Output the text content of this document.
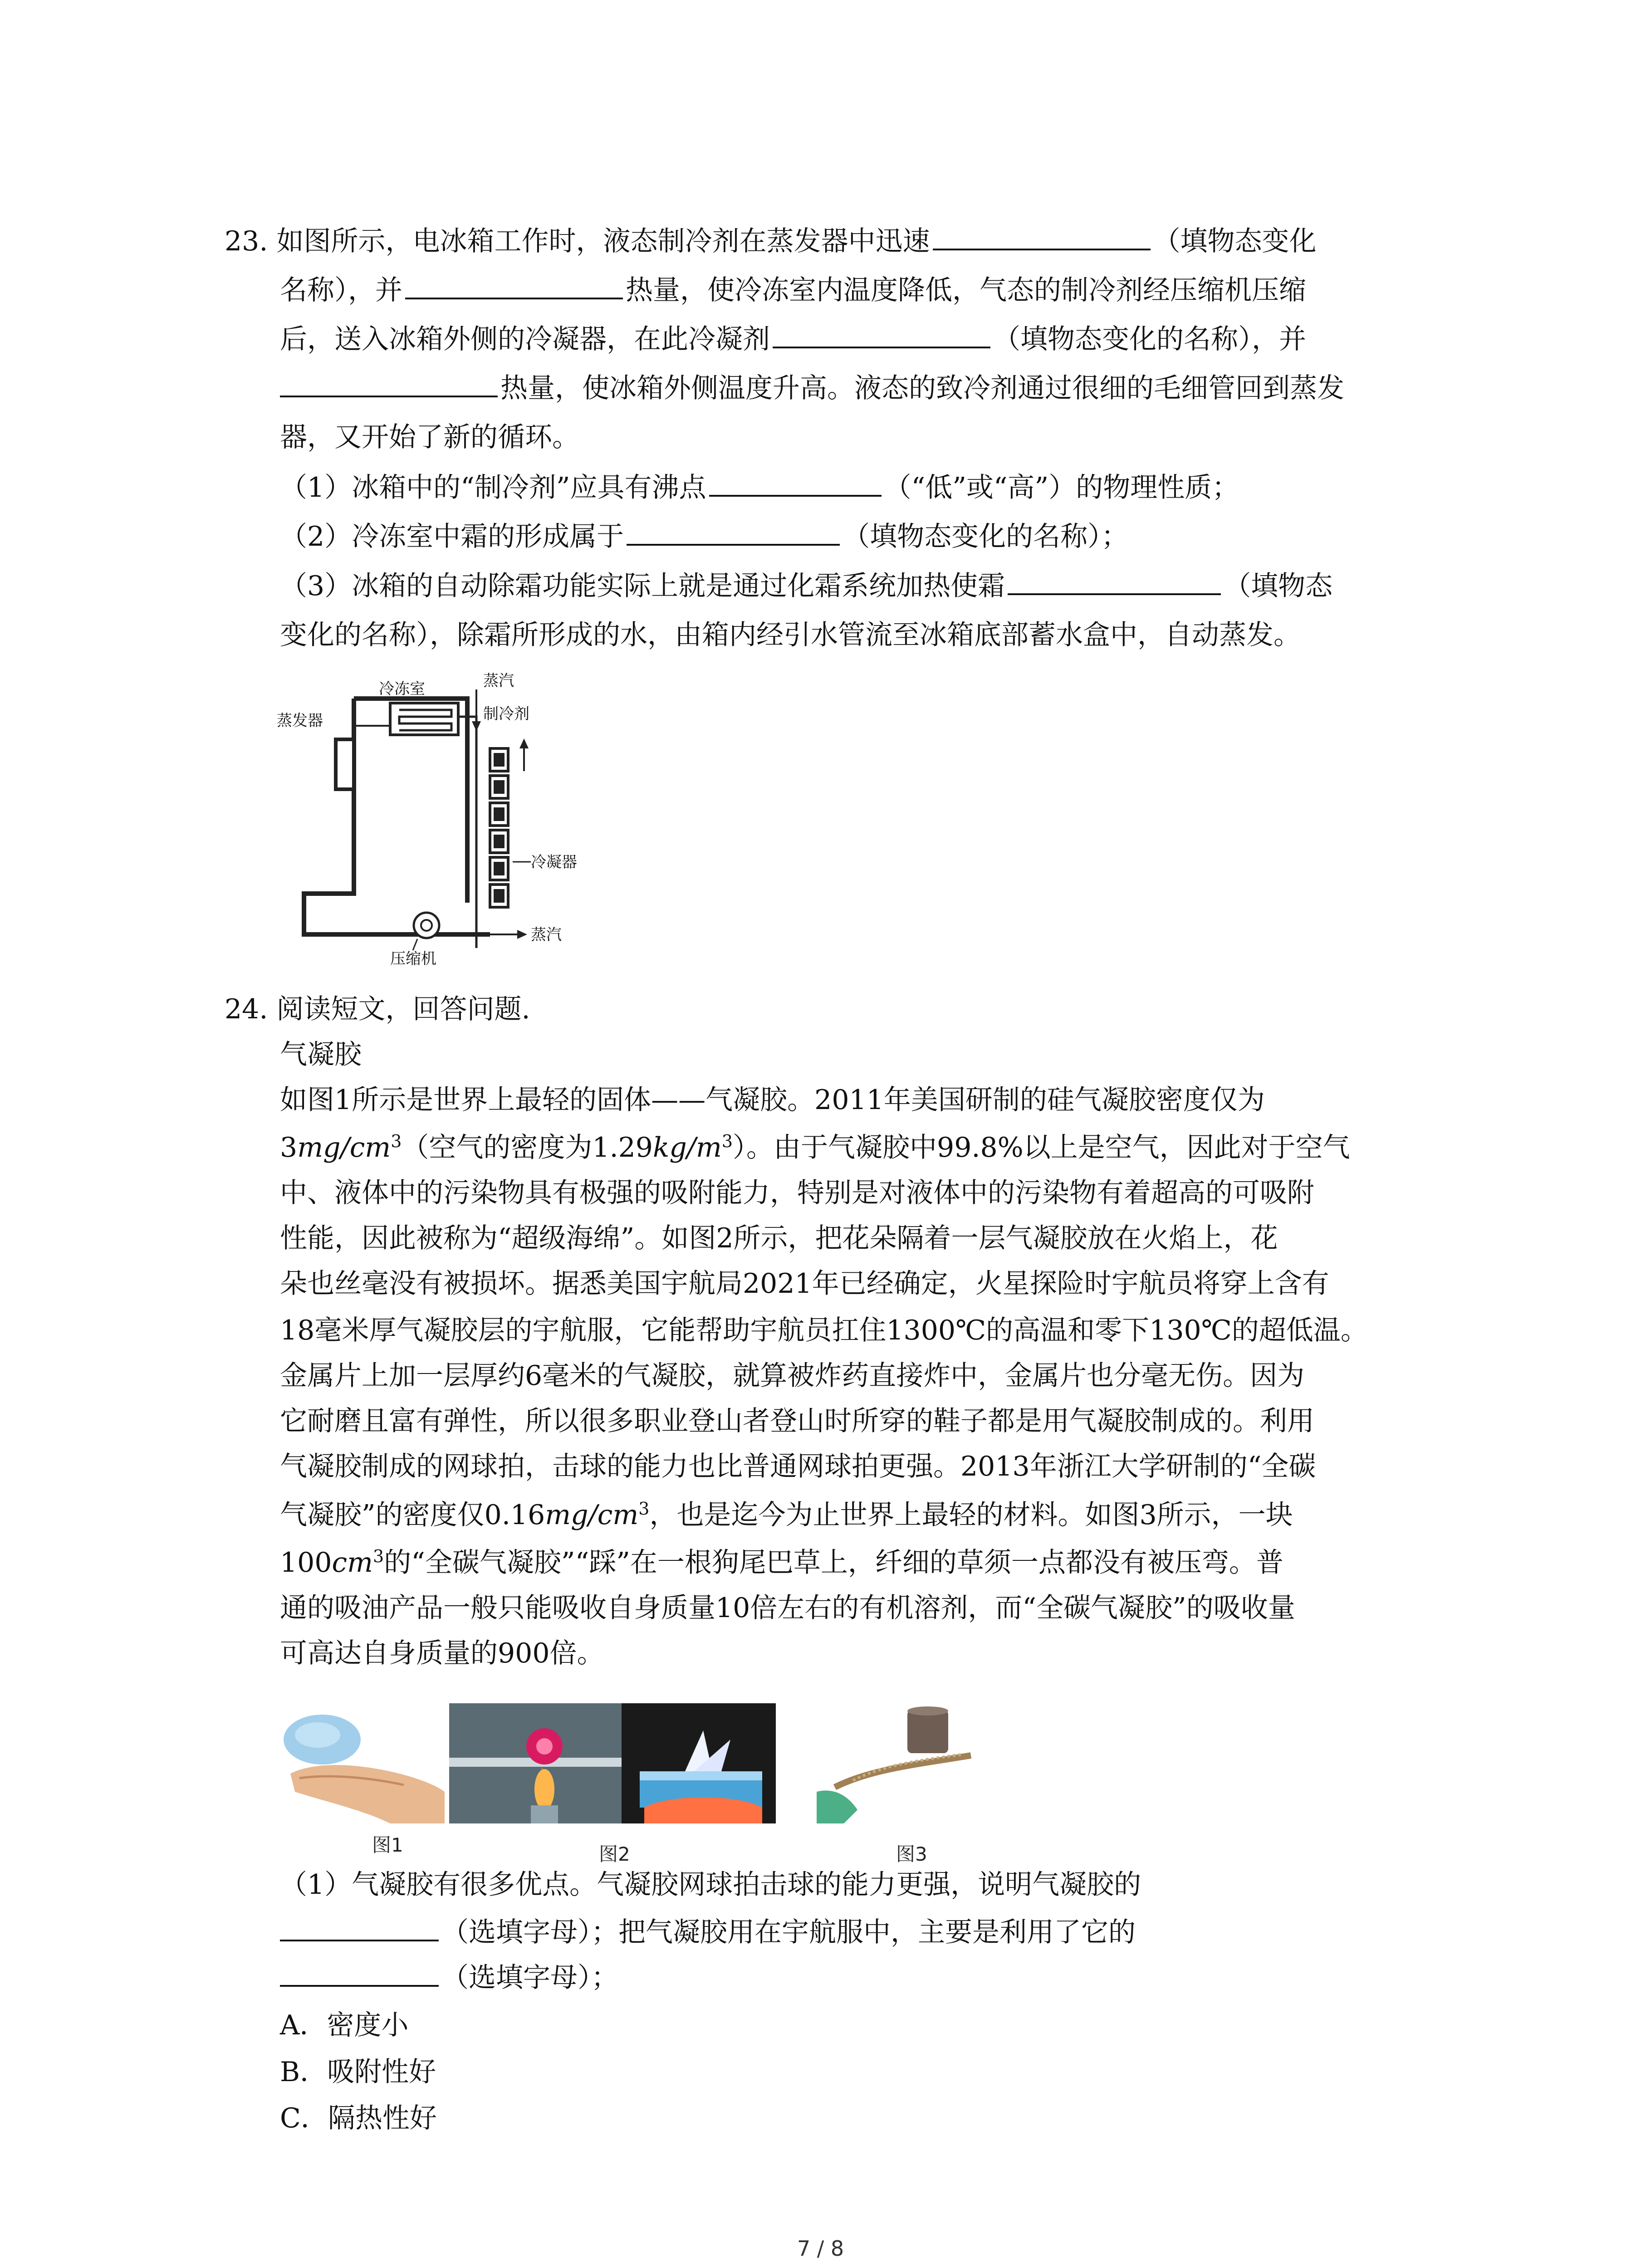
23. 如图所示，电冰箱工作时，液态制冷剂在蒸发器中迅速	（填物态变化
名称），并	热量，使冷冻室内温度降低，气态的制冷剂经压缩机压缩
后，送入冰箱外侧的冷凝器，在此冷凝剂	（填物态变化的名称），并
热量，使冰箱外侧温度升高。液态的致冷剂通过很细的毛细管回到蒸发
器，又开始了新的循环。
（1）冰箱中的“制冷剂”应具有沸点	（“低”或“高”）的物理性质；
（2）冷冻室中霜的形成属于	（填物态变化的名称）；
（3）冰箱的自动除霜功能实际上就是通过化霜系统加热使霜	（填物态
变化的名称），除霜所形成的水，由箱内经引水管流至冰箱底部蓄水盒中，自动蒸发。
冷冻室
蒸发器
蒸汽
制冷剂
冷凝器
蒸汽
压缩机
24. 阅读短文，回答问题.
气凝胶
如图1所示是世界上最轻的固体——气凝胶。2011年美国研制的硅气凝胶密度仅为
$3mg/cm^3$（空气的密度为$1.29kg/m^3$）。由于气凝胶中99.8%以上是空气，因此对于空气
中、液体中的污染物具有极强的吸附能力，特别是对液体中的污染物有着超高的可吸附
性能，因此被称为“超级海绵”。如图2所示，把花朵隔着一层气凝胶放在火焰上，花
朵也丝毫没有被损坏。据悉美国宇航局2021年已经确定，火星探险时宇航员将穿上含有
18毫米厚气凝胶层的宇航服，它能帮助宇航员扛住1300℃的高温和零下130℃的超低温。
金属片上加一层厚约6毫米的气凝胶，就算被炸药直接炸中，金属片也分毫无伤。因为
它耐磨且富有弹性，所以很多职业登山者登山时所穿的鞋子都是用气凝胶制成的。利用
气凝胶制成的网球拍，击球的能力也比普通网球拍更强。2013年浙江大学研制的“全碳
气凝胶”的密度仅$0.16mg/cm^3$，也是迄今为止世界上最轻的材料。如图3所示，一块
$100cm^3$的“全碳气凝胶”“踩”在一根狗尾巴草上，纤细的草须一点都没有被压弯。普
通的吸油产品一般只能吸收自身质量10倍左右的有机溶剂，而“全碳气凝胶”的吸收量
可高达自身质量的900倍。
图1	图2	图3
（1）气凝胶有很多优点。气凝胶网球拍击球的能力更强，说明气凝胶的
（选填字母）；把气凝胶用在宇航服中，主要是利用了它的
（选填字母）；
A．密度小
B．吸附性好
C．隔热性好
7 / 8
